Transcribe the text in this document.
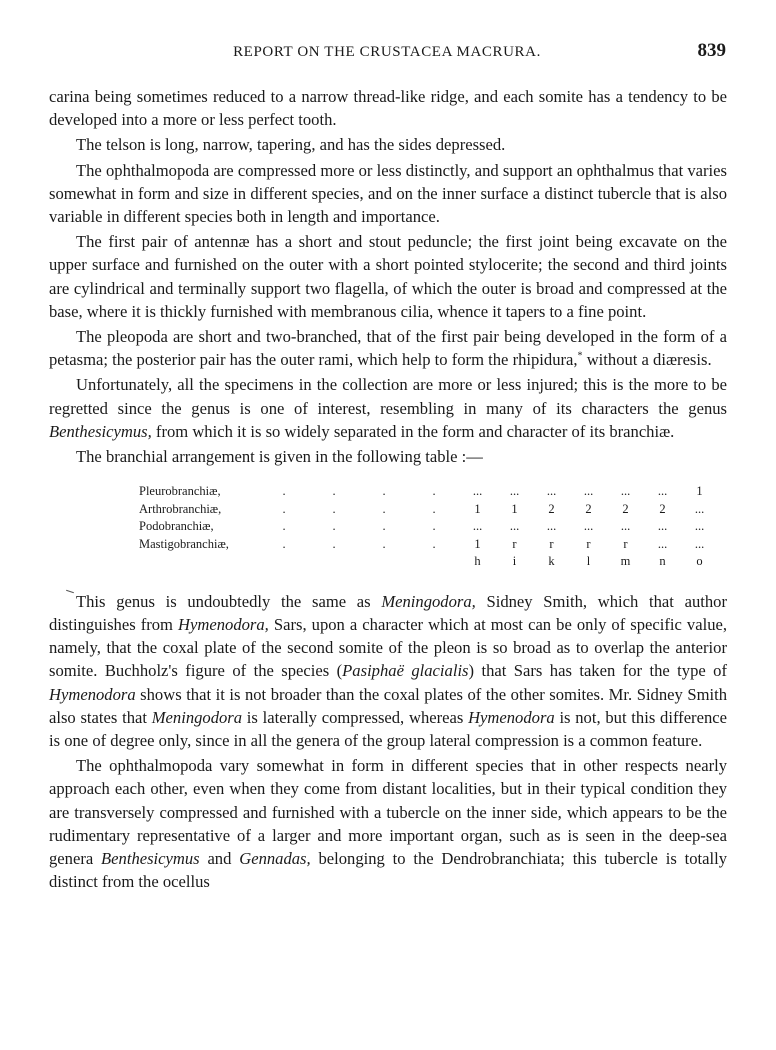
REPORT ON THE CRUSTACEA MACRURA.	839

carina being sometimes reduced to a narrow thread-like ridge, and each somite has a tendency to be developed into a more or less perfect tooth.

The telson is long, narrow, tapering, and has the sides depressed.

The ophthalmopoda are compressed more or less distinctly, and support an ophthalmus that varies somewhat in form and size in different species, and on the inner surface a distinct tubercle that is also variable in different species both in length and importance.

The first pair of antennæ has a short and stout peduncle; the first joint being excavate on the upper surface and furnished on the outer with a short pointed stylocerite; the second and third joints are cylindrical and terminally support two flagella, of which the outer is broad and compressed at the base, where it is thickly furnished with membranous cilia, whence it tapers to a fine point.

The pleopoda are short and two-branched, that of the first pair being developed in the form of a petasma; the posterior pair has the outer rami, which help to form the rhipidura,* without a diæresis.

Unfortunately, all the specimens in the collection are more or less injured; this is the more to be regretted since the genus is one of interest, resembling in many of its characters the genus Benthesicymus, from which it is so widely separated in the form and character of its branchiæ.

The branchial arrangement is given in the following table :—

Pleurobranchiæ,	.	.	.	.	...	...	...	...	...	...	1
Arthrobranchiæ,	.	.	.	.	1	1	2	2	2	2	...
Podobranchiæ,	.	.	.	.	...	...	...	...	...	...	...
Mastigobranchiæ,	.	.	.	.	1	r	r	r	r	...	...
					h	i	k	l	m	n	o

This genus is undoubtedly the same as Meningodora, Sidney Smith, which that author distinguishes from Hymenodora, Sars, upon a character which at most can be only of specific value, namely, that the coxal plate of the second somite of the pleon is so broad as to overlap the anterior somite. Buchholz's figure of the species (Pasiphaë glacialis) that Sars has taken for the type of Hymenodora shows that it is not broader than the coxal plates of the other somites. Mr. Sidney Smith also states that Meningodora is laterally compressed, whereas Hymenodora is not, but this difference is one of degree only, since in all the genera of the group lateral compression is a common feature.

The ophthalmopoda vary somewhat in form in different species that in other respects nearly approach each other, even when they come from distant localities, but in their typical condition they are transversely compressed and furnished with a tubercle on the inner side, which appears to be the rudimentary representative of a larger and more important organ, such as is seen in the deep-sea genera Benthesicymus and Gennadas, belonging to the Dendrobranchiata; this tubercle is totally distinct from the ocellus
